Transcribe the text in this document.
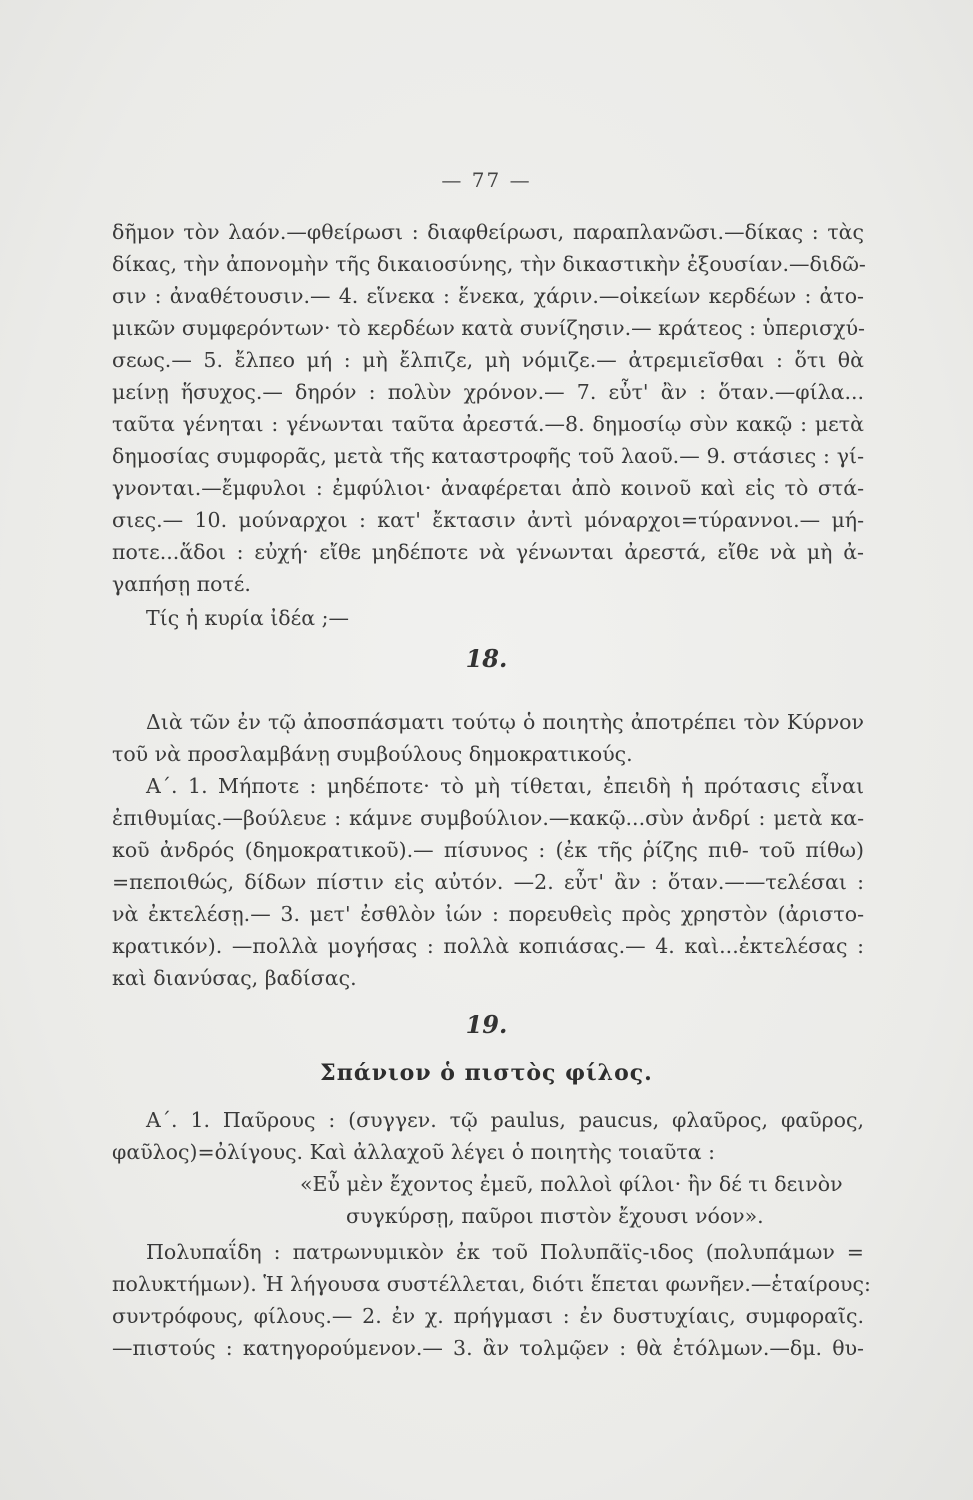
— 77 —
δῆμον τὸν λαόν.—φθείρωσι : διαφθείρωσι, παραπλανῶσι.—δίκας : τὰς
δίκας, τὴν ἀπονομὴν τῆς δικαιοσύνης, τὴν δικαστικὴν ἐξουσίαν.—διδῶ-
σιν : ἀναθέτουσιν.— 4. εἵνεκα : ἕνεκα, χάριν.—οἰκείων κερδέων : ἀτο-
μικῶν συμφερόντων· τὸ κερδέων κατὰ συνίζησιν.— κράτεος : ὑπερισχύ-
σεως.— 5. ἔλπεο μή : μὴ ἔλπιζε, μὴ νόμιζε.— ἀτρεμιεῖσθαι : ὅτι θὰ
μείνῃ ἥσυχος.— δηρόν : πολὺν χρόνον.— 7. εὖτ' ἂν : ὅταν.—φίλα...
ταῦτα γένηται : γένωνται ταῦτα ἀρεστά.—8. δημοσίῳ σὺν κακῷ : μετὰ
δημοσίας συμφορᾶς, μετὰ τῆς καταστροφῆς τοῦ λαοῦ.— 9. στάσιες : γί-
γνονται.—ἔμφυλοι : ἐμφύλιοι· ἀναφέρεται ἀπὸ κοινοῦ καὶ εἰς τὸ στά-
σιες.— 10. μούναρχοι : κατ' ἔκτασιν ἀντὶ μόναρχοι=τύραννοι.— μή-
ποτε...ἅδοι : εὐχή· εἴθε μηδέποτε νὰ γένωνται ἀρεστά, εἴθε νὰ μὴ ἀ-
γαπήσῃ ποτέ.
Τίς ἡ κυρία ἰδέα ;—
18.
Διὰ τῶν ἐν τῷ ἀποσπάσματι τούτῳ ὁ ποιητὴς ἀποτρέπει τὸν Κύρνον
τοῦ νὰ προσλαμβάνῃ συμβούλους δημοκρατικούς.
Α΄. 1. Μήποτε : μηδέποτε· τὸ μὴ τίθεται, ἐπειδὴ ἡ πρότασις εἶναι
ἐπιθυμίας.—βούλευε : κάμνε συμβούλιον.—κακῷ...σὺν ἀνδρί : μετὰ κα-
κοῦ ἀνδρός (δημοκρατικοῦ).— πίσυνος : (ἐκ τῆς ῥίζης πιθ- τοῦ πίθω)
=πεποιθώς, δίδων πίστιν εἰς αὐτόν. —2. εὖτ' ἂν : ὅταν.——τελέσαι :
νὰ ἐκτελέσῃ.— 3. μετ' ἐσθλὸν ἰών : πορευθεὶς πρὸς χρηστὸν (ἀριστο-
κρατικόν). —πολλὰ μογήσας : πολλὰ κοπιάσας.— 4. καὶ...ἐκτελέσας :
καὶ διανύσας, βαδίσας.
19.
Σπάνιον ὁ πιστὸς φίλος.
Α΄. 1. Παῦρους : (συγγεν. τῷ paulus, paucus, φλαῦρος, φαῦρος,
φαῦλος)=ὀλίγους. Καὶ ἀλλαχοῦ λέγει ὁ ποιητὴς τοιαῦτα :
«Εὖ μὲν ἔχοντος ἐμεῦ, πολλοὶ φίλοι· ἢν δέ τι δεινὸν
συγκύρσῃ, παῦροι πιστὸν ἔχουσι νόον».
Πολυπαΐδη : πατρωνυμικὸν ἐκ τοῦ Πολυπᾶϊς-ιδος (πολυπάμων =
πολυκτήμων). Ἡ λήγουσα συστέλλεται, διότι ἕπεται φωνῆεν.—ἑταίρους:
συντρόφους, φίλους.— 2. ἐν χ. πρήγμασι : ἐν δυστυχίαις, συμφοραῖς.
—πιστούς : κατηγορούμενον.— 3. ἂν τολμῷεν : θὰ ἐτόλμων.—δμ. θυ-
